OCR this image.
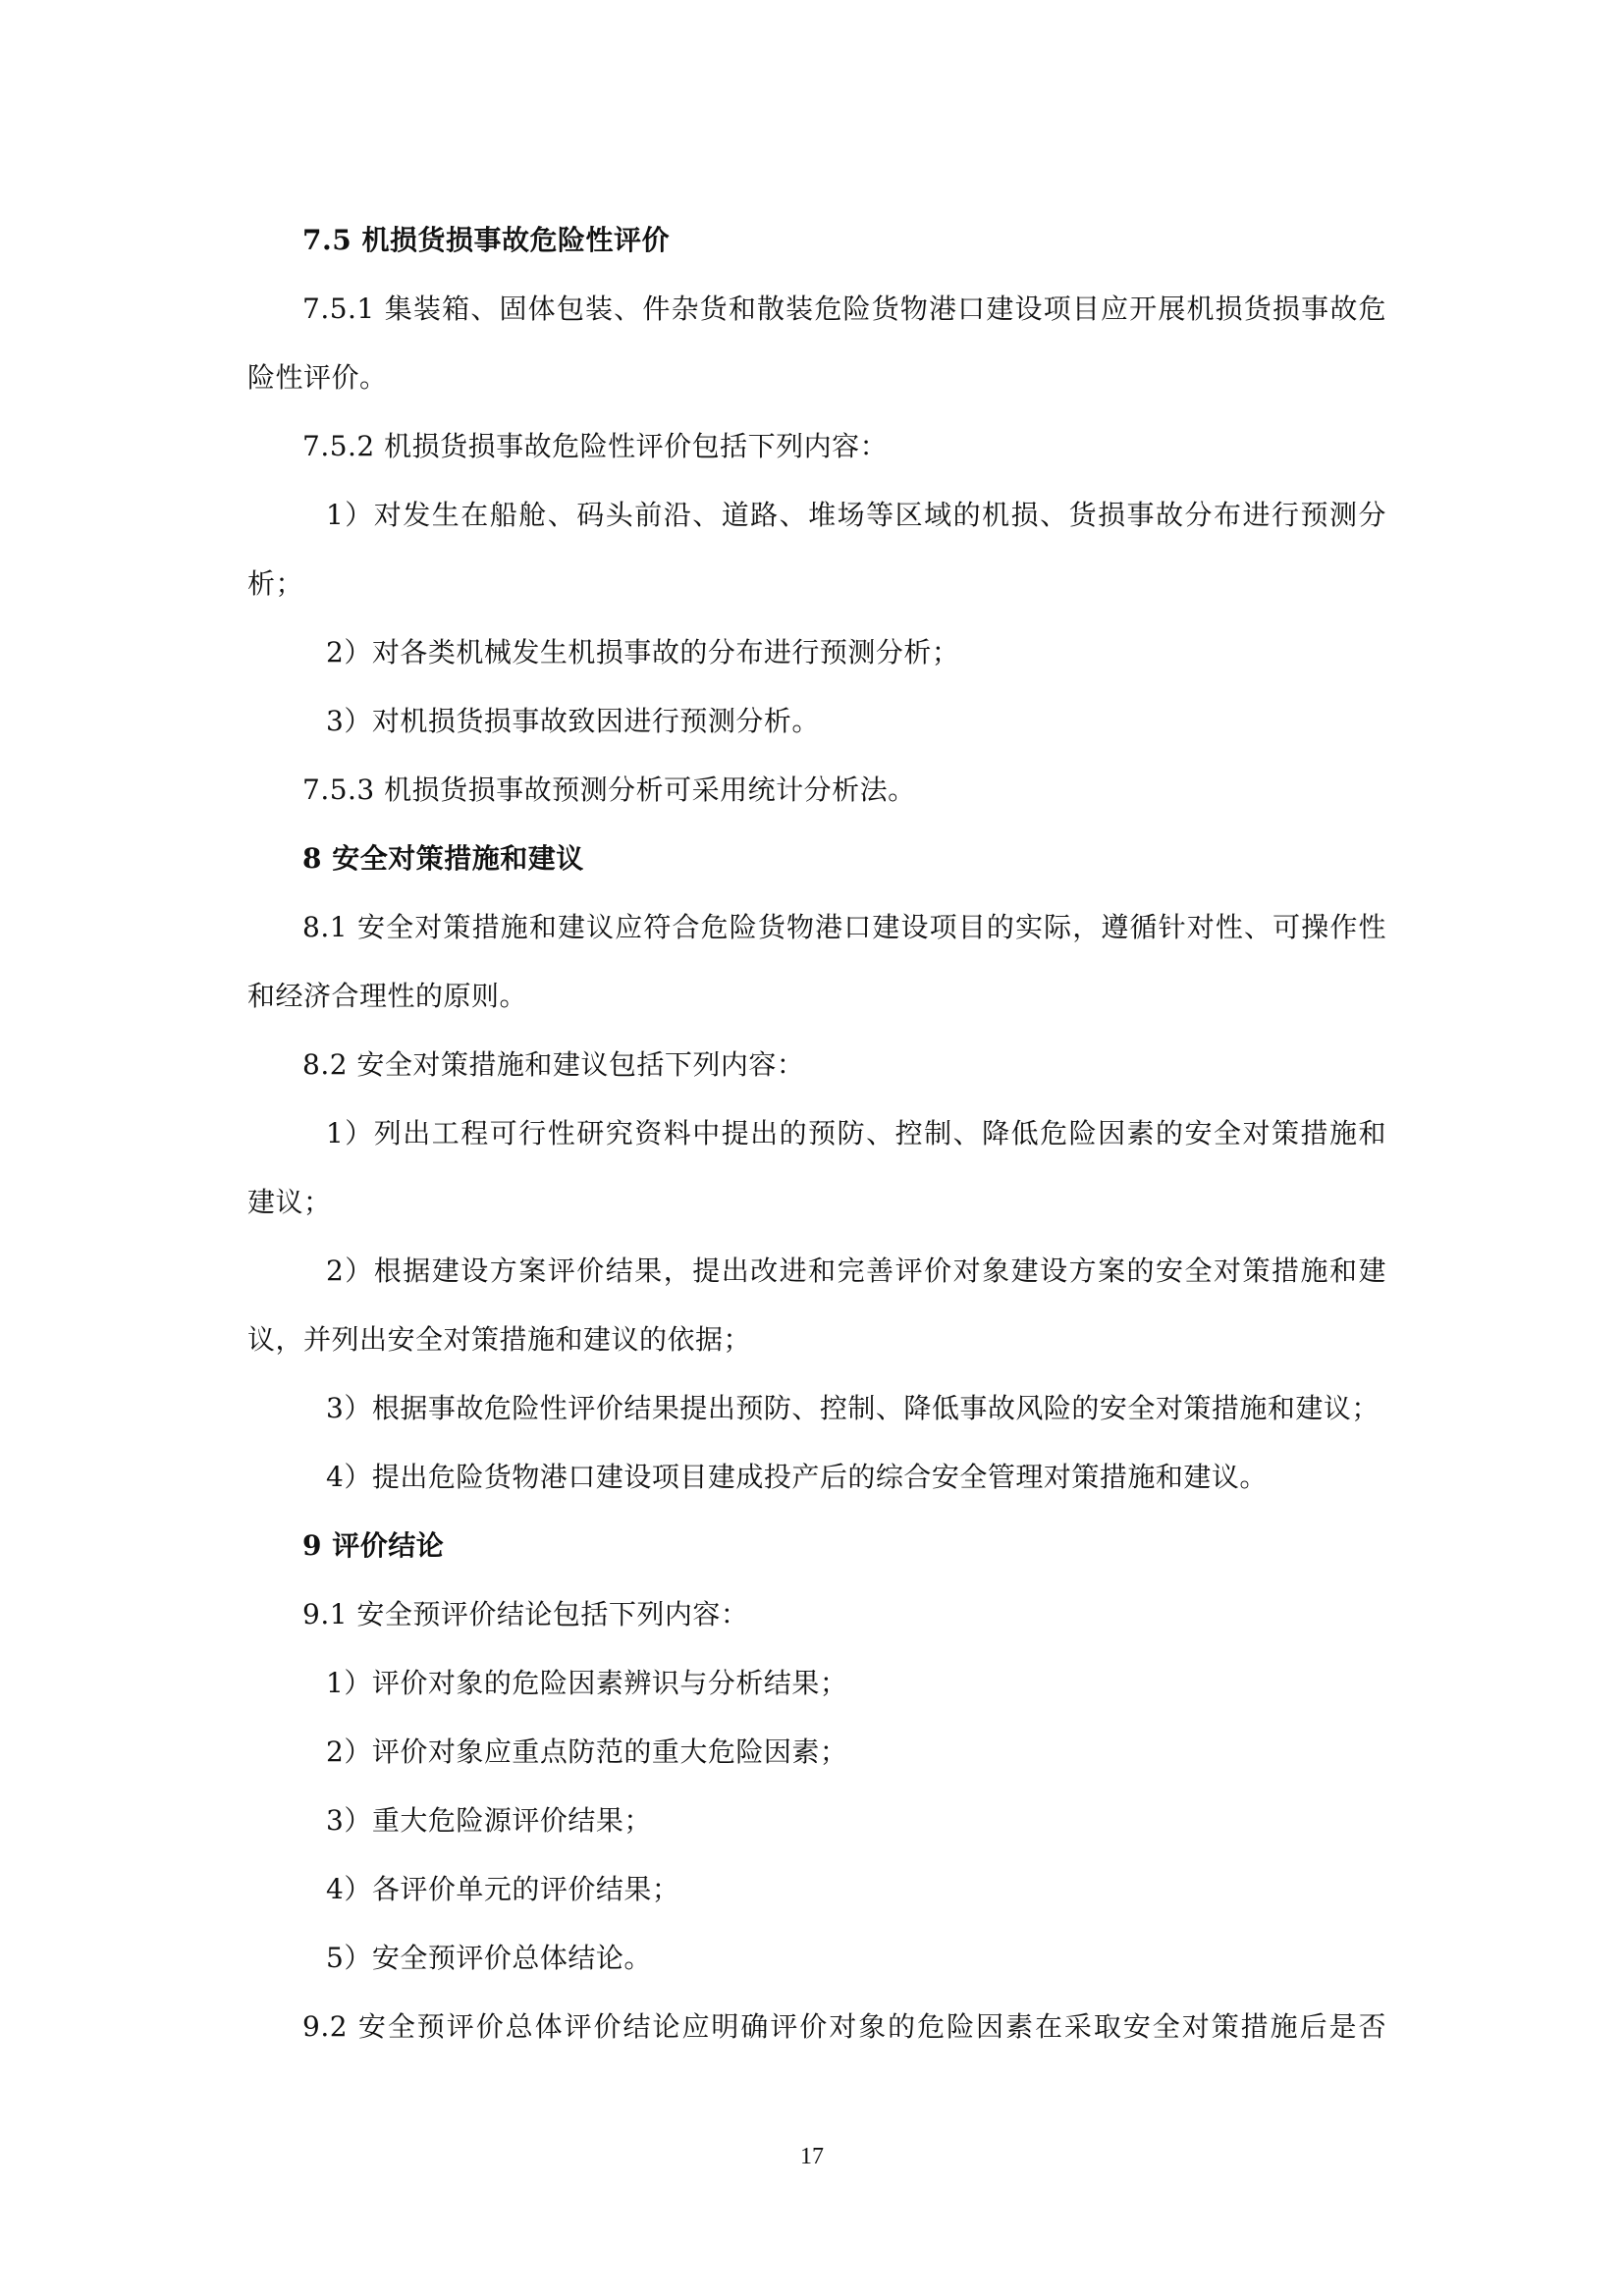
7.5 机损货损事故危险性评价
7.5.1 集装箱、固体包装、件杂货和散装危险货物港口建设项目应开展机损货损事故危
险性评价。
7.5.2 机损货损事故危险性评价包括下列内容：
1）对发生在船舱、码头前沿、道路、堆场等区域的机损、货损事故分布进行预测分
析；
2）对各类机械发生机损事故的分布进行预测分析；
3）对机损货损事故致因进行预测分析。
7.5.3 机损货损事故预测分析可采用统计分析法。
8 安全对策措施和建议
8.1 安全对策措施和建议应符合危险货物港口建设项目的实际，遵循针对性、可操作性
和经济合理性的原则。
8.2 安全对策措施和建议包括下列内容：
1）列出工程可行性研究资料中提出的预防、控制、降低危险因素的安全对策措施和
建议；
2）根据建设方案评价结果，提出改进和完善评价对象建设方案的安全对策措施和建
议，并列出安全对策措施和建议的依据；
3）根据事故危险性评价结果提出预防、控制、降低事故风险的安全对策措施和建议；
4）提出危险货物港口建设项目建成投产后的综合安全管理对策措施和建议。
9 评价结论
9.1 安全预评价结论包括下列内容：
1）评价对象的危险因素辨识与分析结果；
2）评价对象应重点防范的重大危险因素；
3）重大危险源评价结果；
4）各评价单元的评价结果；
5）安全预评价总体结论。
9.2 安全预评价总体评价结论应明确评价对象的危险因素在采取安全对策措施后是否
17
